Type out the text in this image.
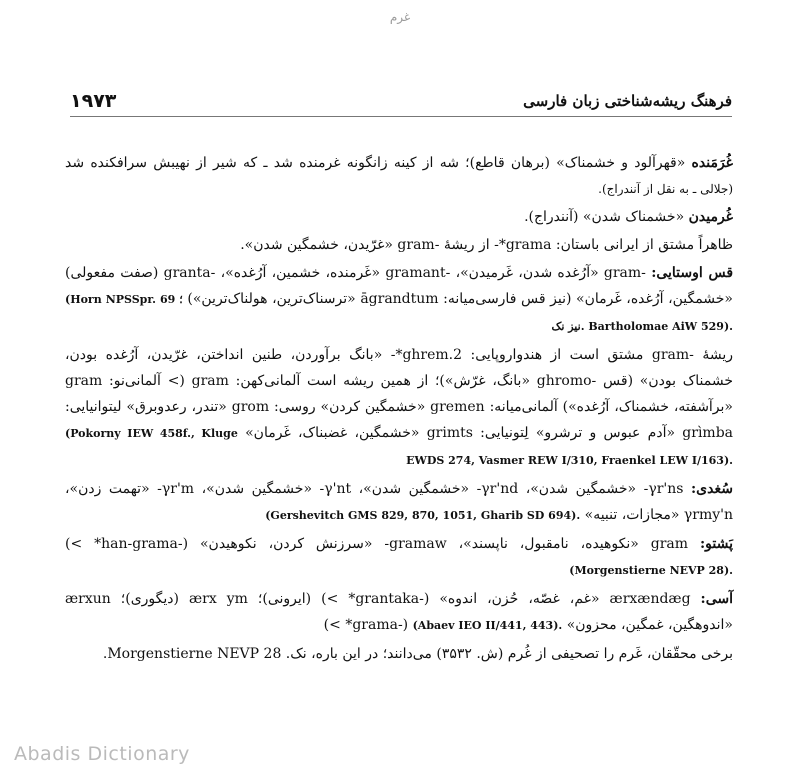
غرم
۱۹۷۳	فرهنگ ریشه‌شناختی زبان فارسی
غُرَمَنده «قهرآلود و خشمناک» (برهان قاطع)؛ شه از کینه زانگونه غرمنده شد ـ که شیر از نهیبش سرافکنده شد (جلالی ـ به نقل از آنندراج).
غُرمیدن «خشمناک شدن» (آنندراج).
ظاهراً مشتق از ایرانی باستان: ‎-*grama‎ از ریشهٔ ‎gram-‎ «غرّیدن، خشمگین شدن».
قس اوستایی: ‎gram-‎ «آرُغده شدن، غَرمیدن»، ‎gramant-‎ «غَرمنده، خشمین، آرُغده»، ‎granta-‎ (صفت مفعولی) «خشمگین، آرُغده، غَرمان» (نیز قس فارسی‌میانه: ‎āgrandtum‎ «ترسناک‌ترین، هولناک‌ترین») (Horn NPSSpr. 69 ؛ نیز نک. Bartholomae AiW 529).
ریشهٔ ‎gram-‎ مشتق است از هندواروپایی: ‎-*ghrem.2‎ «بانگ برآوردن، طنین انداختن، غرّیدن، آرُغده بودن، خشمناک بودن» (قس ‎ghromo-‎ «بانگ، غرّش»)؛ از همین ریشه است آلمانی‌کهن: ‎gram‎ (> آلمانی‌نو: ‎gram‎ «برآشفته، خشمناک، آرُغده») آلمانی‌میانه: ‎gremen‎ «خشمگین کردن» روسی: ‎grom‎ «تندر، رعدوبرق» لیتوانیایی: ‎grìmba‎ «آدم عبوس و ترشرو» لِتونیایی: ‎grimts‎ «خشمگین، غضبناک، غَرمان» (Pokorny IEW 458f., Kluge EWDS 274, Vasmer REW I/310, Fraenkel LEW I/163).
سُغدی: ‎-γr'ns‎ «خشمگین شدن»، ‎-γr'nd‎ «خشمگین شدن»، ‎-γ'nt‎ «خشمگین شدن»، ‎-γr'm‎ «تهمت زدن»، ‎γrmy'n‎ «مجازات، تنبیه» (Gershevitch GMS 829, 870, 1051, Gharib SD 694).
پَشتو: ‎gram‎ «نکوهیده، نامقبول، ناپسند»، ‎-gramaw‎ «سرزنش کردن، نکوهیدن» ‎(< *han-grama-)‎ (Morgenstierne NEVP 28).
آسی: ‎ærxændæg‎ «غم، غصّه، حُزن، اندوه» ‎(< *grantaka-)‎ (ایرونی)؛ ‎ærx ym‎ (دیگوری)؛ ‎ærxun‎ «اندوهگین، غمگین، محزون» ‎(< *grama-)‎ (Abaev IEO II/441, 443).
برخی محقّقان، غَرم را تصحیفی از غُرم (ش. ۳۵۳۲) می‌دانند؛ در این باره، نک. Morgenstierne NEVP 28.
Abadis Dictionary
